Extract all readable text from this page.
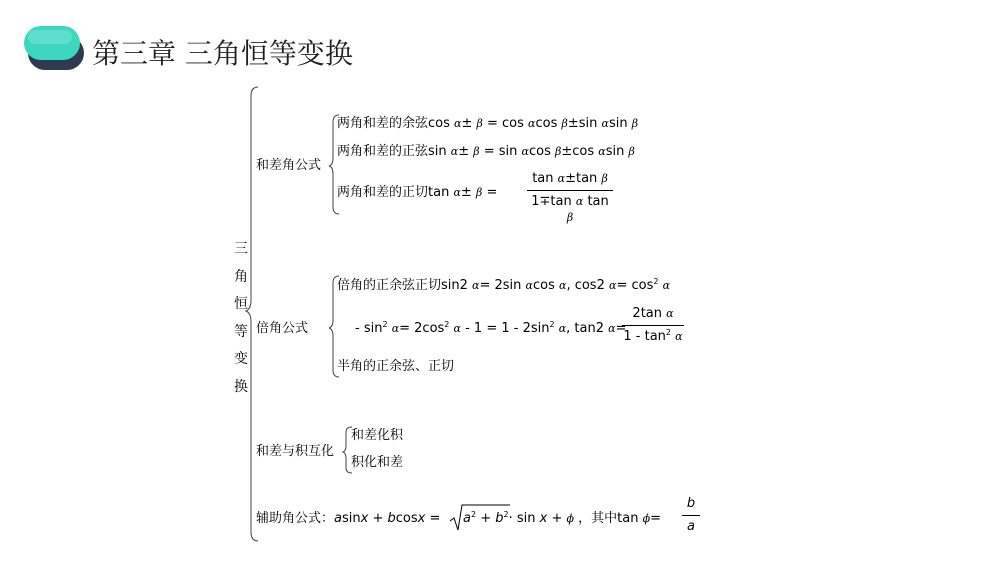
第三章 三角恒等变换
三
角
恒
等
变
换
和差角公式
两角和差的余弦cos α± β = cos αcos β±sin αsin β
两角和差的正弦sin α± β = sin αcos β±cos αsin β
两角和差的正切tan α± β =
tan α±tan β
1∓tan α tan β
倍角公式
倍角的正余弦正切sin2 α= 2sin αcos α, cos2 $\alpha= \cos^2 \alpha$
- $\sin^2 \alpha= 2\cos^2$ $\alpha - 1 = 1 - 2\sin^2$ α, tan2 α=
2tan α
$1 - \tan^2 \alpha$
半角的正余弦、正切
和差与积互化
和差化积
积化和差
辅助角公式：$asinx + bcosx = a^2 + b^2\cdot \sin x + \phi$ ，其中tan ϕ=
b
a
